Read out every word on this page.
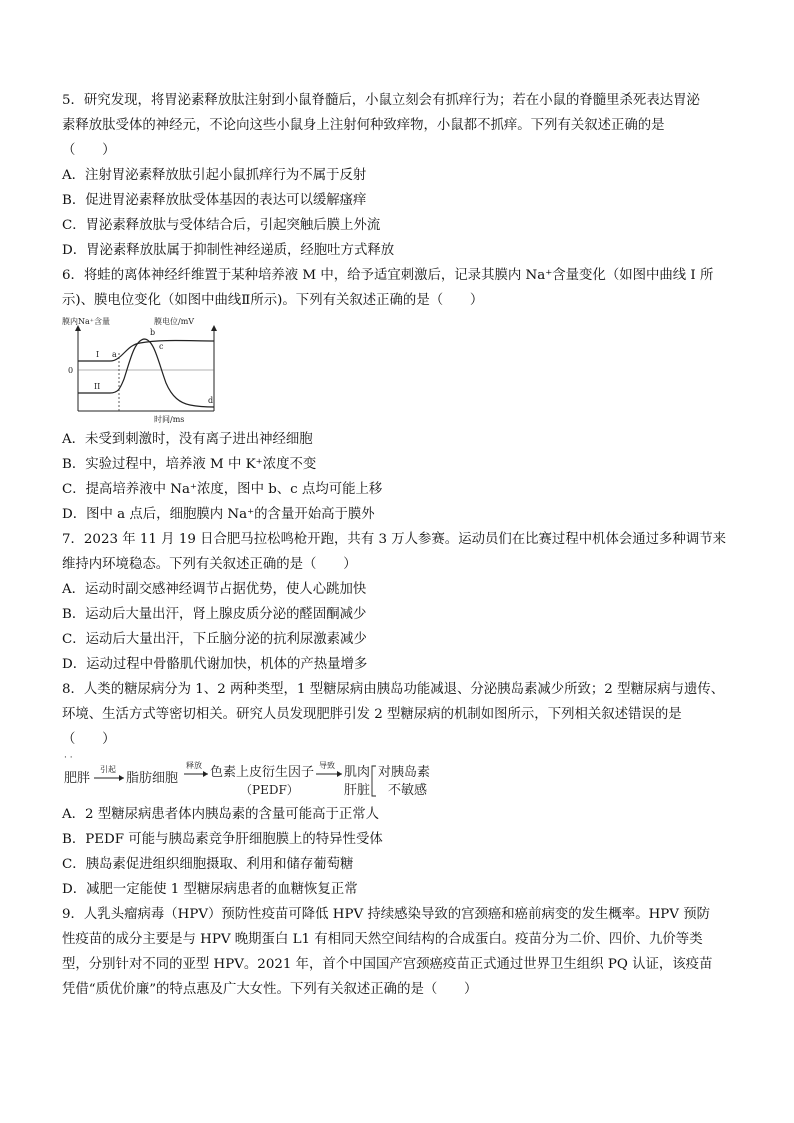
5．研究发现，将胃泌素释放肽注射到小鼠脊髓后，小鼠立刻会有抓痒行为；若在小鼠的脊髓里杀死表达胃泌
素释放肽受体的神经元，不论向这些小鼠身上注射何种致痒物，小鼠都不抓痒。下列有关叙述正确的是
（　　）
A．注射胃泌素释放肽引起小鼠抓痒行为不属于反射
B．促进胃泌素释放肽受体基因的表达可以缓解瘙痒
C．胃泌素释放肽与受体结合后，引起突触后膜上外流
D．胃泌素释放肽属于抑制性神经递质，经胞吐方式释放
6．将蛙的离体神经纤维置于某种培养液 M 中，给予适宜刺激后，记录其膜内 Na⁺含量变化（如图中曲线 I 所
示)、膜电位变化（如图中曲线Ⅱ所示)。下列有关叙述正确的是（　　）
膜内Na⁺含量	膜电位/mV
0
I
II
a
b
c
d
时间/ms
A．未受到刺激时，没有离子进出神经细胞
B．实验过程中，培养液 M 中 K⁺浓度不变
C．提高培养液中 Na⁺浓度，图中 b、c 点均可能上移
D．图中 a 点后，细胞膜内 Na⁺的含量开始高于膜外
7．2023 年 11 月 19 日合肥马拉松鸣枪开跑，共有 3 万人参赛。运动员们在比赛过程中机体会通过多种调节来
维持内环境稳态。下列有关叙述正确的是（　　）
A．运动时副交感神经调节占据优势，使人心跳加快
B．运动后大量出汗，肾上腺皮质分泌的醛固酮减少
C．运动后大量出汗，下丘脑分泌的抗利尿激素减少
D．运动过程中骨骼肌代谢加快，机体的产热量增多
8．人类的糖尿病分为 1、2 两种类型，1 型糖尿病由胰岛功能减退、分泌胰岛素减少所致；2 型糖尿病与遗传、
环境、生活方式等密切相关。研究人员发现肥胖引发 2 型糖尿病的机制如图所示，下列相关叙述错误的是
（　　）
· ·
肥胖
引起
脂肪细胞
释放 色素上皮衍生因子
（PEDF）
导致 肌肉
肝脏
对胰岛素
不敏感
A．2 型糖尿病患者体内胰岛素的含量可能高于正常人
B．PEDF 可能与胰岛素竞争肝细胞膜上的特异性受体
C．胰岛素促进组织细胞摄取、利用和储存葡萄糖
D．减肥一定能使 1 型糖尿病患者的血糖恢复正常
9．人乳头瘤病毒（HPV）预防性疫苗可降低 HPV 持续感染导致的宫颈癌和癌前病变的发生概率。HPV 预防
性疫苗的成分主要是与 HPV 晚期蛋白 L1 有相同天然空间结构的合成蛋白。疫苗分为二价、四价、九价等类
型，分别针对不同的亚型 HPV。2021 年，首个中国国产宫颈癌疫苗正式通过世界卫生组织 PQ 认证，该疫苗
凭借“质优价廉”的特点惠及广大女性。下列有关叙述正确的是（　　）
